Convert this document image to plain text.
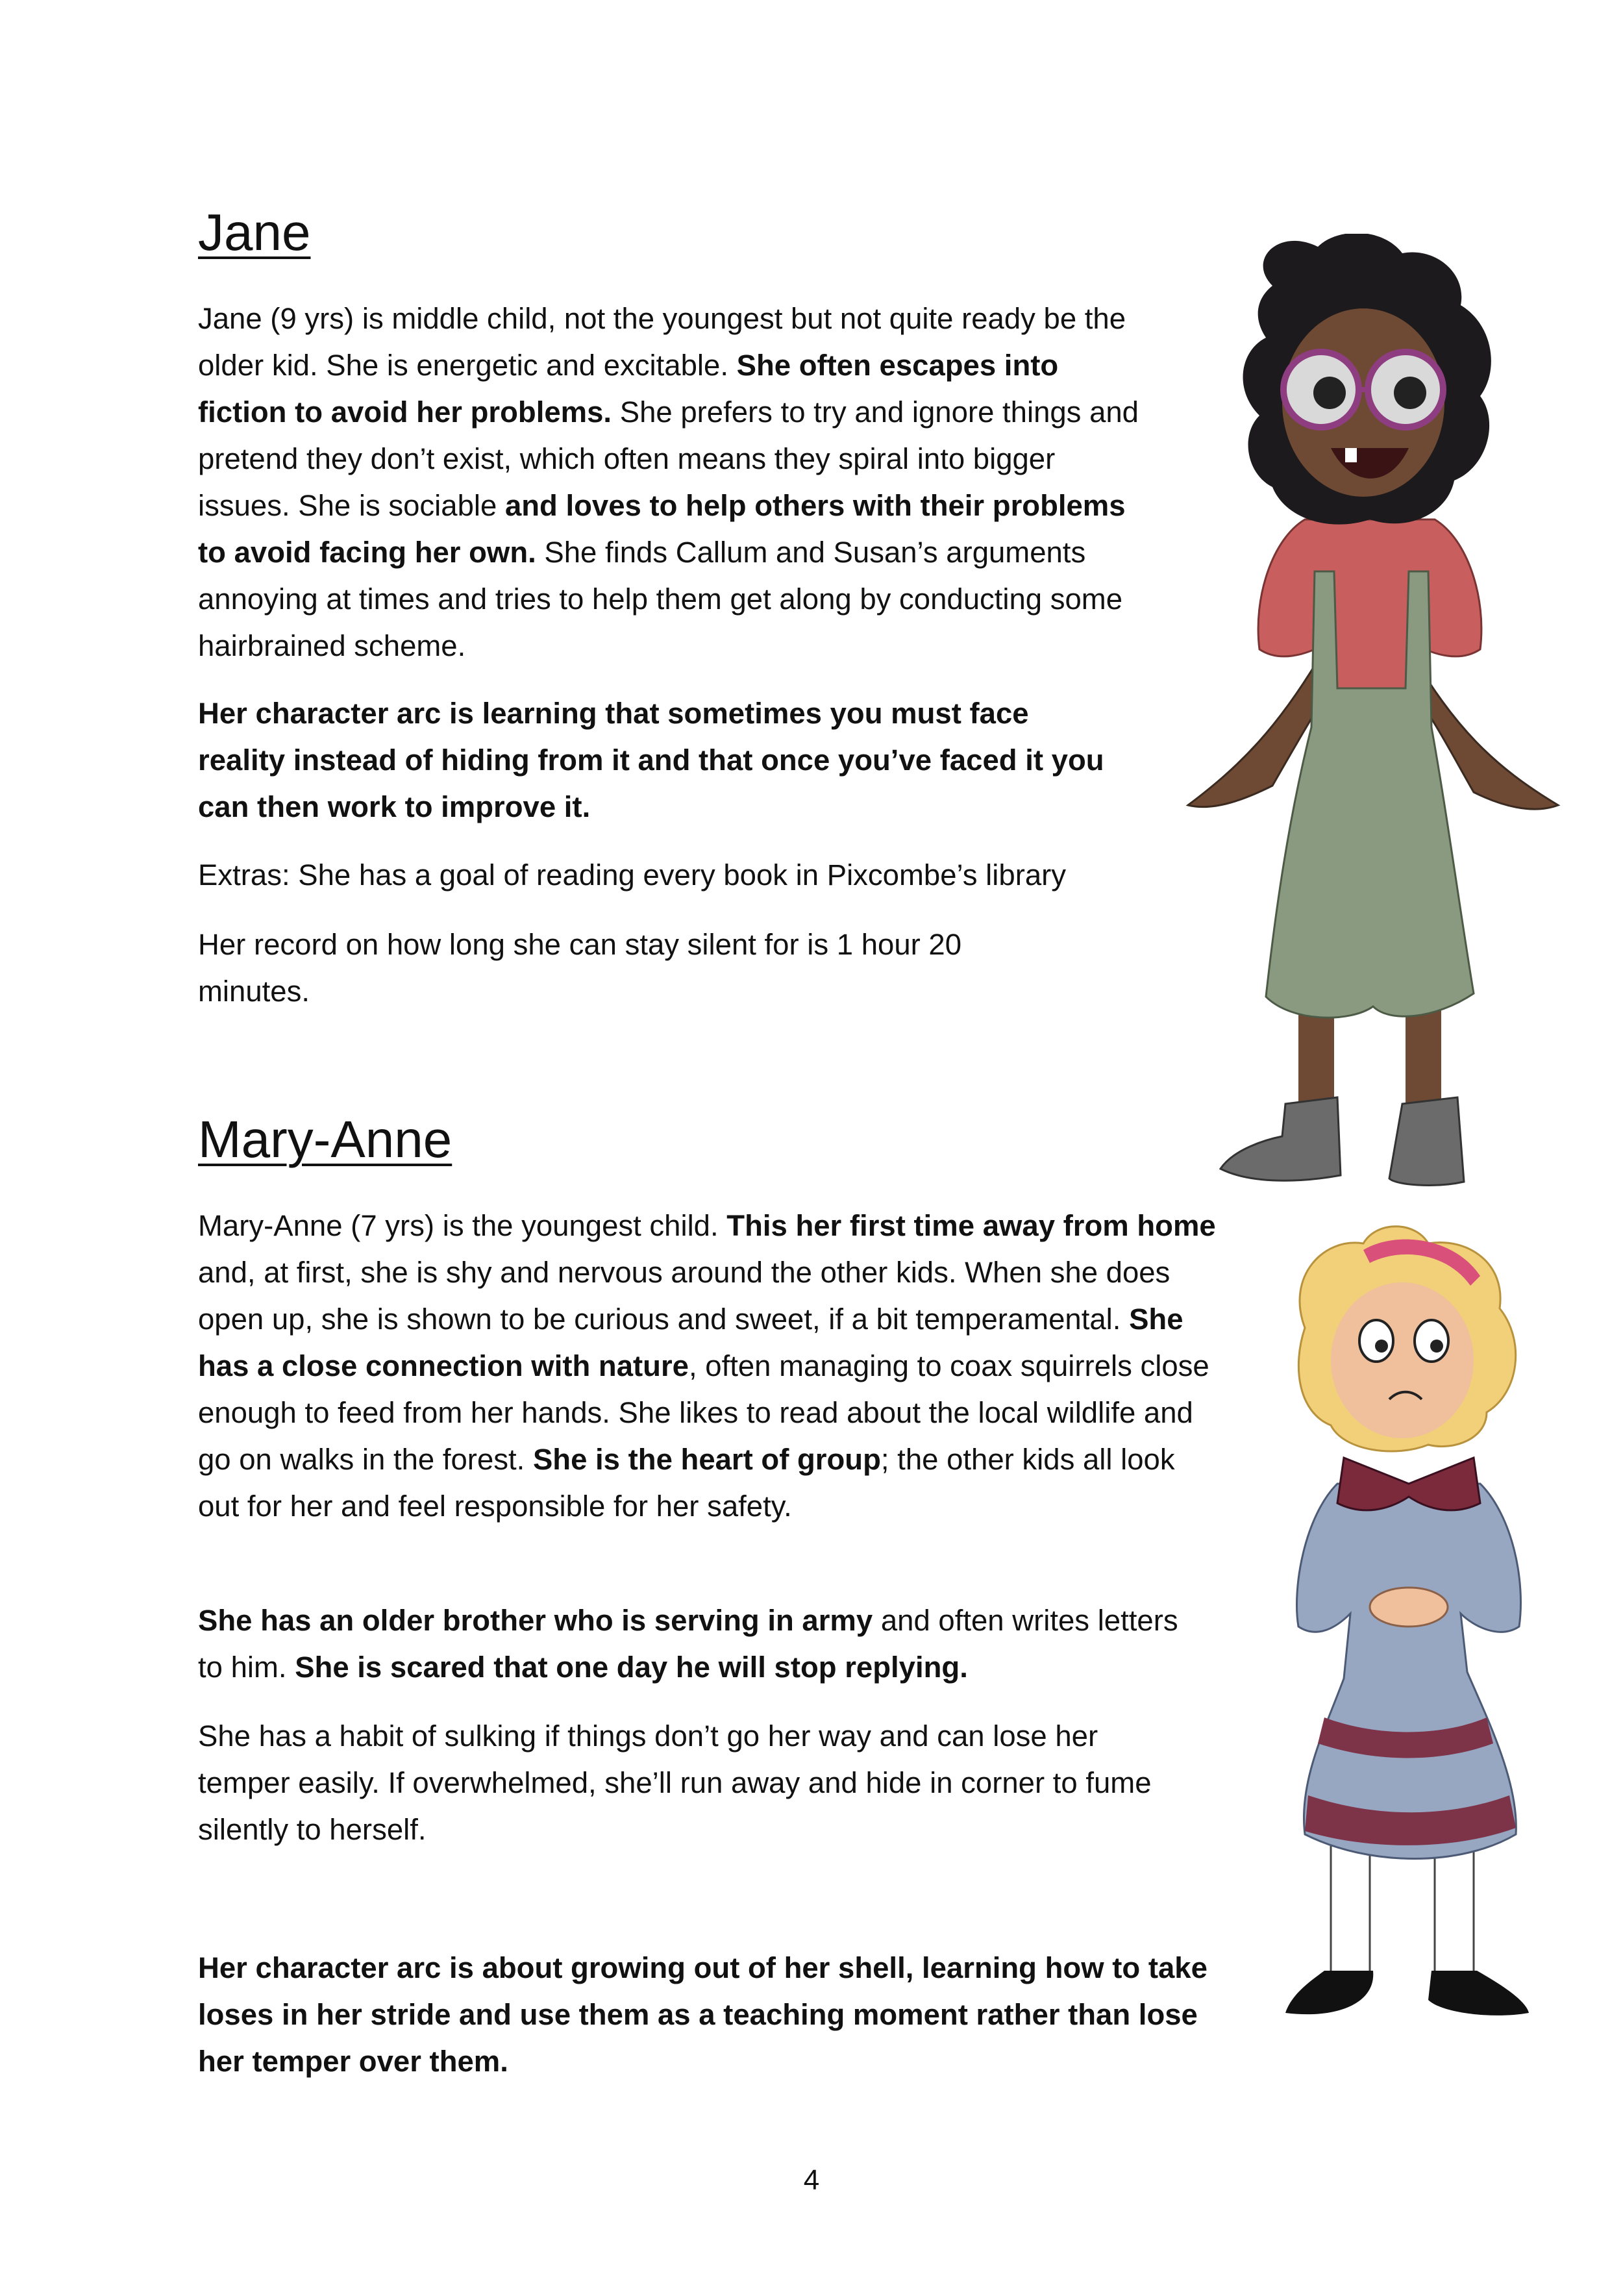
Jane

Jane (9 yrs) is middle child, not the youngest but not quite ready be the older kid. She is energetic and excitable. She often escapes into fiction to avoid her problems. She prefers to try and ignore things and pretend they don’t exist, which often means they spiral into bigger issues. She is sociable and loves to help others with their problems to avoid facing her own. She finds Callum and Susan’s arguments annoying at times and tries to help them get along by conducting some hairbrained scheme.

Her character arc is learning that sometimes you must face reality instead of hiding from it and that once you’ve faced it you can then work to improve it.

Extras: She has a goal of reading every book in Pixcombe’s library

Her record on how long she can stay silent for is 1 hour 20 minutes.

Mary-Anne

Mary-Anne (7 yrs) is the youngest child. This her first time away from home and, at first, she is shy and nervous around the other kids. When she does open up, she is shown to be curious and sweet, if a bit temperamental. She has a close connection with nature, often managing to coax squirrels close enough to feed from her hands. She likes to read about the local wildlife and go on walks in the forest. She is the heart of group; the other kids all look out for her and feel responsible for her safety.

She has an older brother who is serving in army and often writes letters to him. She is scared that one day he will stop replying.

She has a habit of sulking if things don’t go her way and can lose her temper easily. If overwhelmed, she’ll run away and hide in corner to fume silently to herself.

Her character arc is about growing out of her shell, learning how to take loses in her stride and use them as a teaching moment rather than lose her temper over them.

4
